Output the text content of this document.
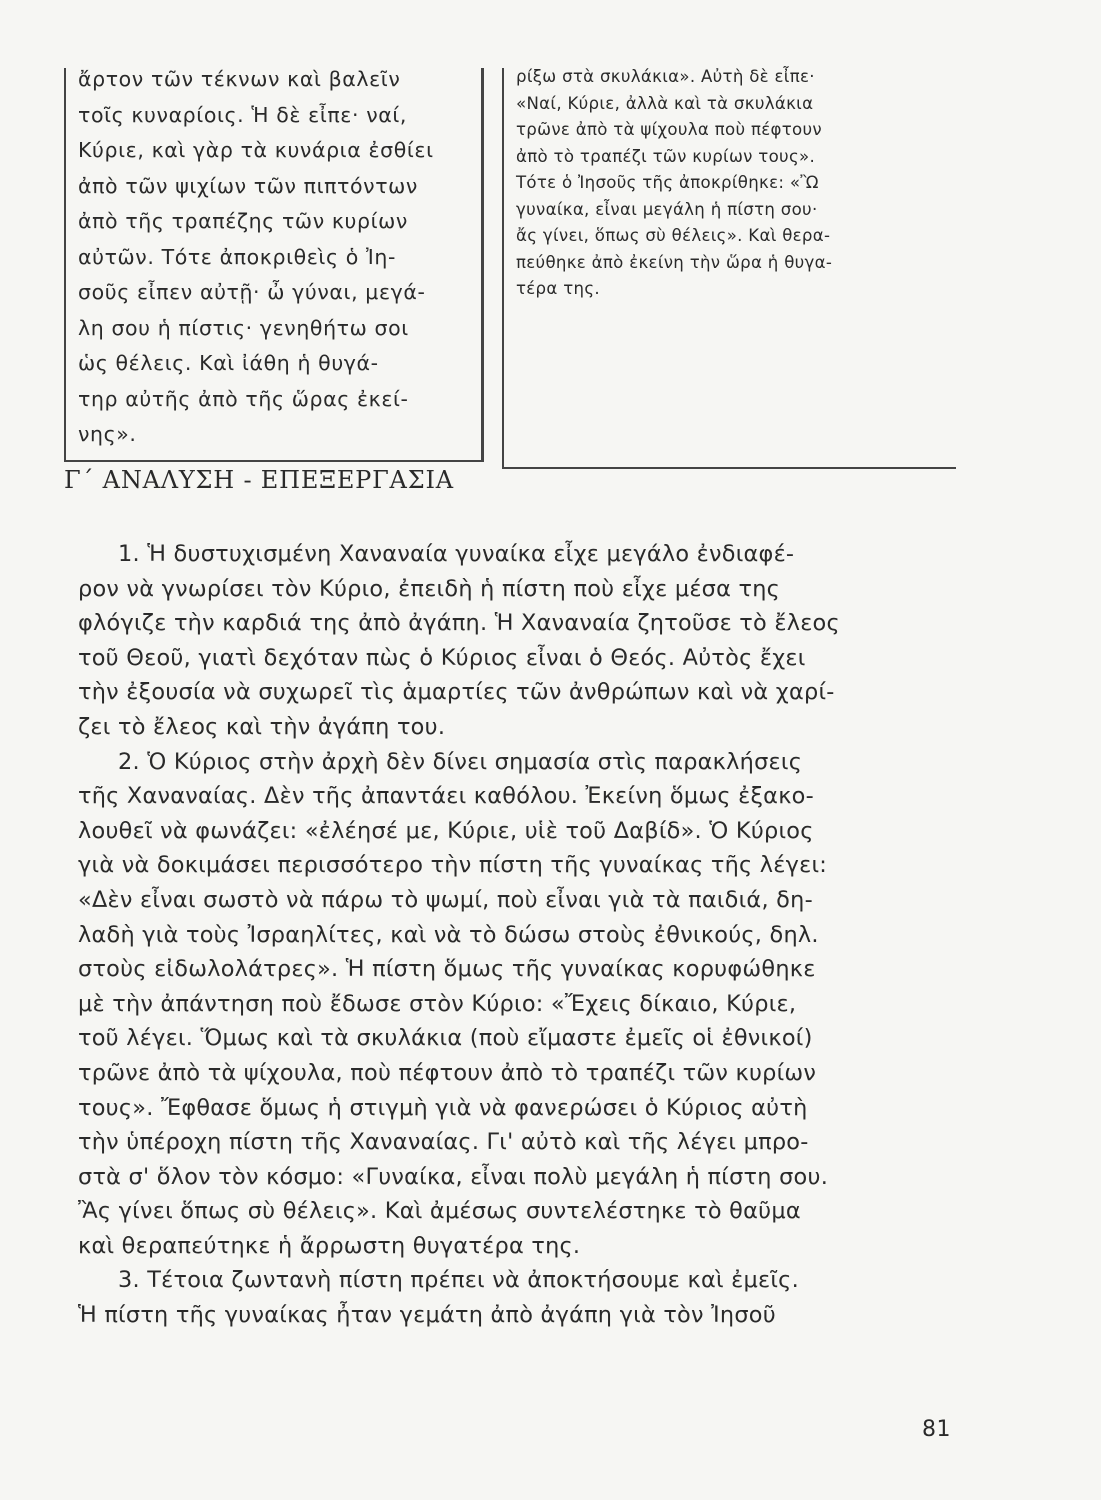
ἄρτον τῶν τέκνων καὶ βαλεῖν
τοῖς κυναρίοις. Ἡ δὲ εἶπε· ναί,
Κύριε, καὶ γὰρ τὰ κυνάρια ἐσθίει
ἀπὸ τῶν ψιχίων τῶν πιπτόντων
ἀπὸ τῆς τραπέζης τῶν κυρίων
αὐτῶν. Τότε ἀποκριθεὶς ὁ Ἰη-
σοῦς εἶπεν αὐτῇ· ὦ γύναι, μεγά-
λη σου ἡ πίστις· γενηθήτω σοι
ὡς θέλεις. Καὶ ἰάθη ἡ θυγά-
τηρ αὐτῆς ἀπὸ τῆς ὥρας ἐκεί-
νης».
ρίξω στὰ σκυλάκια». Αὐτὴ δὲ εἶπε·
«Ναί, Κύριε, ἀλλὰ καὶ τὰ σκυλάκια
τρῶνε ἀπὸ τὰ ψίχουλα ποὺ πέφτουν
ἀπὸ τὸ τραπέζι τῶν κυρίων τους».
Τότε ὁ Ἰησοῦς τῆς ἀποκρίθηκε: «Ὢ
γυναίκα, εἶναι μεγάλη ἡ πίστη σου·
ἄς γίνει, ὅπως σὺ θέλεις». Καὶ θερα-
πεύθηκε ἀπὸ ἐκείνη τὴν ὥρα ἡ θυγα-
τέρα της.
Γ΄ ΑΝΑΛΥΣΗ - ΕΠΕΞΕΡΓΑΣΙΑ
1. Ἡ δυστυχισμένη Χαναναία γυναίκα εἶχε μεγάλο ἐνδιαφέ-
ρον νὰ γνωρίσει τὸν Κύριο, ἐπειδὴ ἡ πίστη ποὺ εἶχε μέσα της
φλόγιζε τὴν καρδιά της ἀπὸ ἀγάπη. Ἡ Χαναναία ζητοῦσε τὸ ἔλεος
τοῦ Θεοῦ, γιατὶ δεχόταν πὼς ὁ Κύριος εἶναι ὁ Θεός. Αὐτὸς ἔχει
τὴν ἐξουσία νὰ συχωρεῖ τὶς ἁμαρτίες τῶν ἀνθρώπων καὶ νὰ χαρί-
ζει τὸ ἔλεος καὶ τὴν ἀγάπη του.
2. Ὁ Κύριος στὴν ἀρχὴ δὲν δίνει σημασία στὶς παρακλήσεις
τῆς Χαναναίας. Δὲν τῆς ἀπαντάει καθόλου. Ἐκείνη ὅμως ἐξακο-
λουθεῖ νὰ φωνάζει: «ἐλέησέ με, Κύριε, υἱὲ τοῦ Δαβίδ». Ὁ Κύριος
γιὰ νὰ δοκιμάσει περισσότερο τὴν πίστη τῆς γυναίκας τῆς λέγει:
«Δὲν εἶναι σωστὸ νὰ πάρω τὸ ψωμί, ποὺ εἶναι γιὰ τὰ παιδιά, δη-
λαδὴ γιὰ τοὺς Ἰσραηλίτες, καὶ νὰ τὸ δώσω στοὺς ἐθνικούς, δηλ.
στοὺς εἰδωλολάτρες». Ἡ πίστη ὅμως τῆς γυναίκας κορυφώθηκε
μὲ τὴν ἀπάντηση ποὺ ἔδωσε στὸν Κύριο: «Ἔχεις δίκαιο, Κύριε,
τοῦ λέγει. Ὅμως καὶ τὰ σκυλάκια (ποὺ εἴμαστε ἐμεῖς οἱ ἐθνικοί)
τρῶνε ἀπὸ τὰ ψίχουλα, ποὺ πέφτουν ἀπὸ τὸ τραπέζι τῶν κυρίων
τους». Ἔφθασε ὅμως ἡ στιγμὴ γιὰ νὰ φανερώσει ὁ Κύριος αὐτὴ
τὴν ὑπέροχη πίστη τῆς Χαναναίας. Γι' αὐτὸ καὶ τῆς λέγει μπρο-
στὰ σ' ὅλον τὸν κόσμο: «Γυναίκα, εἶναι πολὺ μεγάλη ἡ πίστη σου.
Ἂς γίνει ὅπως σὺ θέλεις». Καὶ ἀμέσως συντελέστηκε τὸ θαῦμα
καὶ θεραπεύτηκε ἡ ἄρρωστη θυγατέρα της.
3. Τέτοια ζωντανὴ πίστη πρέπει νὰ ἀποκτήσουμε καὶ ἐμεῖς.
Ἡ πίστη τῆς γυναίκας ἦταν γεμάτη ἀπὸ ἀγάπη γιὰ τὸν Ἰησοῦ
81
